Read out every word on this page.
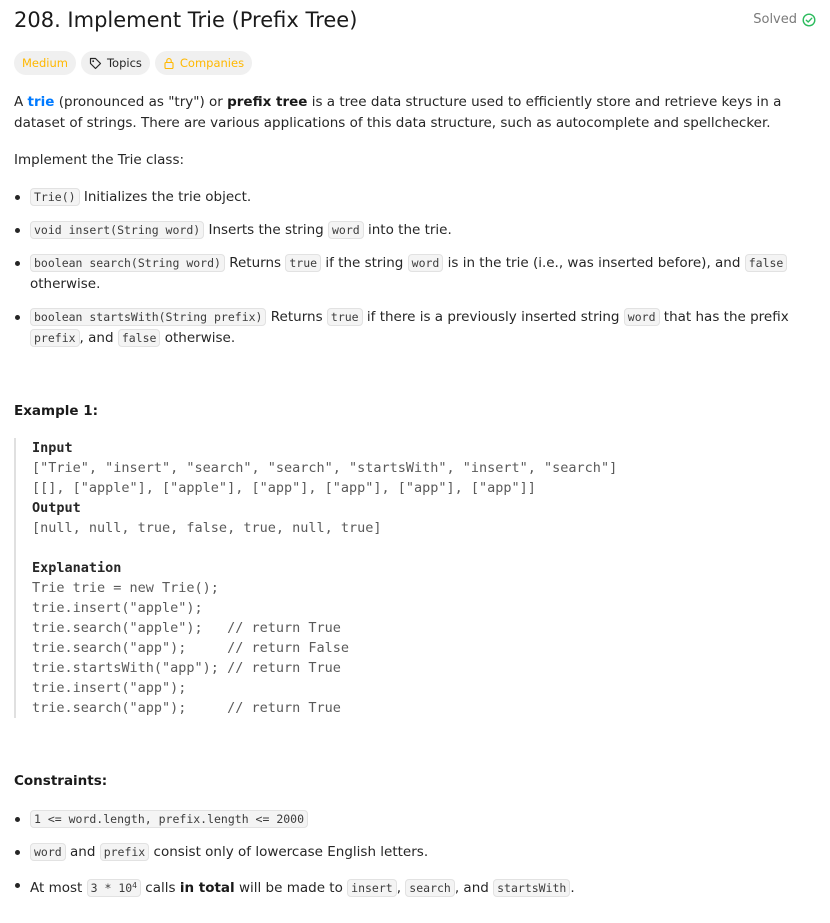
208. Implement Trie (Prefix Tree)	Solved
Medium	Topics	Companies

A trie (pronounced as "try") or prefix tree is a tree data structure used to efficiently store and retrieve keys in a dataset of strings. There are various applications of this data structure, such as autocomplete and spellchecker.

Implement the Trie class:

Trie() Initializes the trie object.
void insert(String word) Inserts the string word into the trie.
boolean search(String word) Returns true if the string word is in the trie (i.e., was inserted before), and false otherwise.
boolean startsWith(String prefix) Returns true if there is a previously inserted string word that has the prefix prefix , and false otherwise.
Example 1:
Input
["Trie", "insert", "search", "search", "startsWith", "insert", "search"]
[[], ["apple"], ["apple"], ["app"], ["app"], ["app"], ["app"]]
Output
[null, null, true, false, true, null, true]
Explanation
Trie trie = new Trie();
trie.insert("apple");
trie.search("apple");   // return True
trie.search("app");     // return False
trie.startsWith("app"); // return True
trie.insert("app");
trie.search("app");     // return True
Constraints:
1 <= word.length, prefix.length <= 2000
word and prefix consist only of lowercase English letters.
At most $3 * 10^4$ calls in total will be made to insert , search , and startsWith .
